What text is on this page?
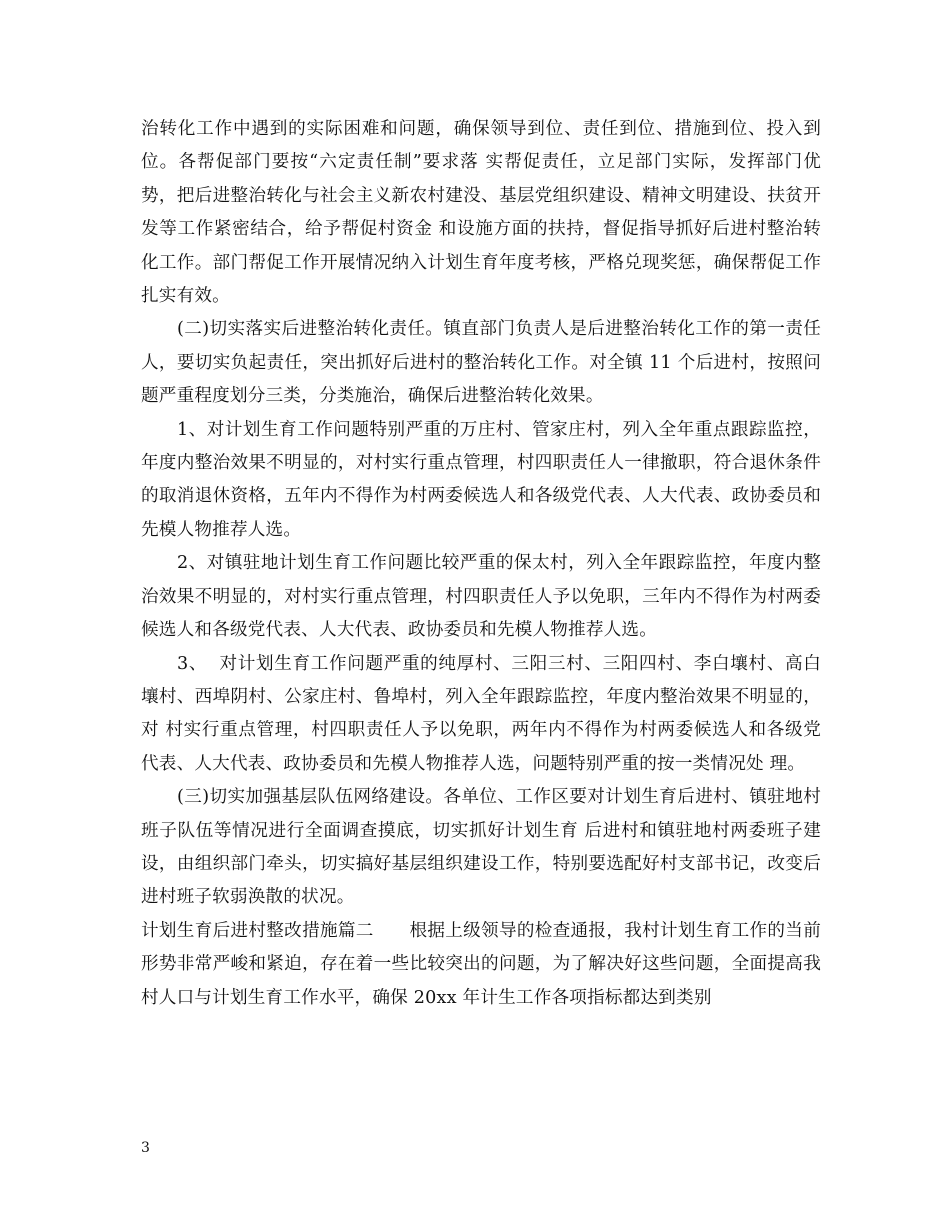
治转化工作中遇到的实际困难和问题，确保领导到位、责任到位、措施到位、投入到位。各帮促部门要按“六定责任制”要求落 实帮促责任，立足部门实际，发挥部门优势，把后进整治转化与社会主义新农村建没、基层党组织建设、精神文明建设、扶贫开发等工作紧密结合，给予帮促村资金 和设施方面的扶持，督促指导抓好后进村整治转化工作。部门帮促工作开展情况纳入计划生育年度考核，严格兑现奖惩，确保帮促工作扎实有效。

(二)切实落实后进整治转化责任。镇直部门负责人是后进整治转化工作的第一责任人，要切实负起责任，突出抓好后进村的整治转化工作。对全镇 11 个后进村，按照问题严重程度划分三类，分类施治，确保后进整治转化效果。

1、对计划生育工作问题特别严重的万庄村、管家庄村，列入全年重点跟踪监控，年度内整治效果不明显的，对村实行重点管理，村四职责任人一律撤职，符合退休条件的取消退休资格，五年内不得作为村两委候选人和各级党代表、人大代表、政协委员和先模人物推荐人选。

2、对镇驻地计划生育工作问题比较严重的保太村，列入全年跟踪监控，年度内整治效果不明显的，对村实行重点管理，村四职责任人予以免职，三年内不得作为村两委候选人和各级党代表、人大代表、政协委员和先模人物推荐人选。

3、  对计划生育工作问题严重的纯厚村、三阳三村、三阳四村、李白壤村、高白壤村、西埠阴村、公家庄村、鲁埠村，列入全年跟踪监控，年度内整治效果不明显的，对 村实行重点管理，村四职责任人予以免职，两年内不得作为村两委候选人和各级党代表、人大代表、政协委员和先模人物推荐人选，问题特别严重的按一类情况处 理。

(三)切实加强基层队伍网络建设。各单位、工作区要对计划生育后进村、镇驻地村班子队伍等情况进行全面调查摸底，切实抓好计划生育 后进村和镇驻地村两委班子建设，由组织部门牵头，切实搞好基层组织建设工作，特别要选配好村支部书记，改变后进村班子软弱涣散的状况。

计划生育后进村整改措施篇二　　根据上级领导的检查通报，我村计划生育工作的当前形势非常严峻和紧迫，存在着一些比较突出的问题，为了解决好这些问题，全面提高我村人口与计划生育工作水平，确保 20xx 年计生工作各项指标都达到类别

3
